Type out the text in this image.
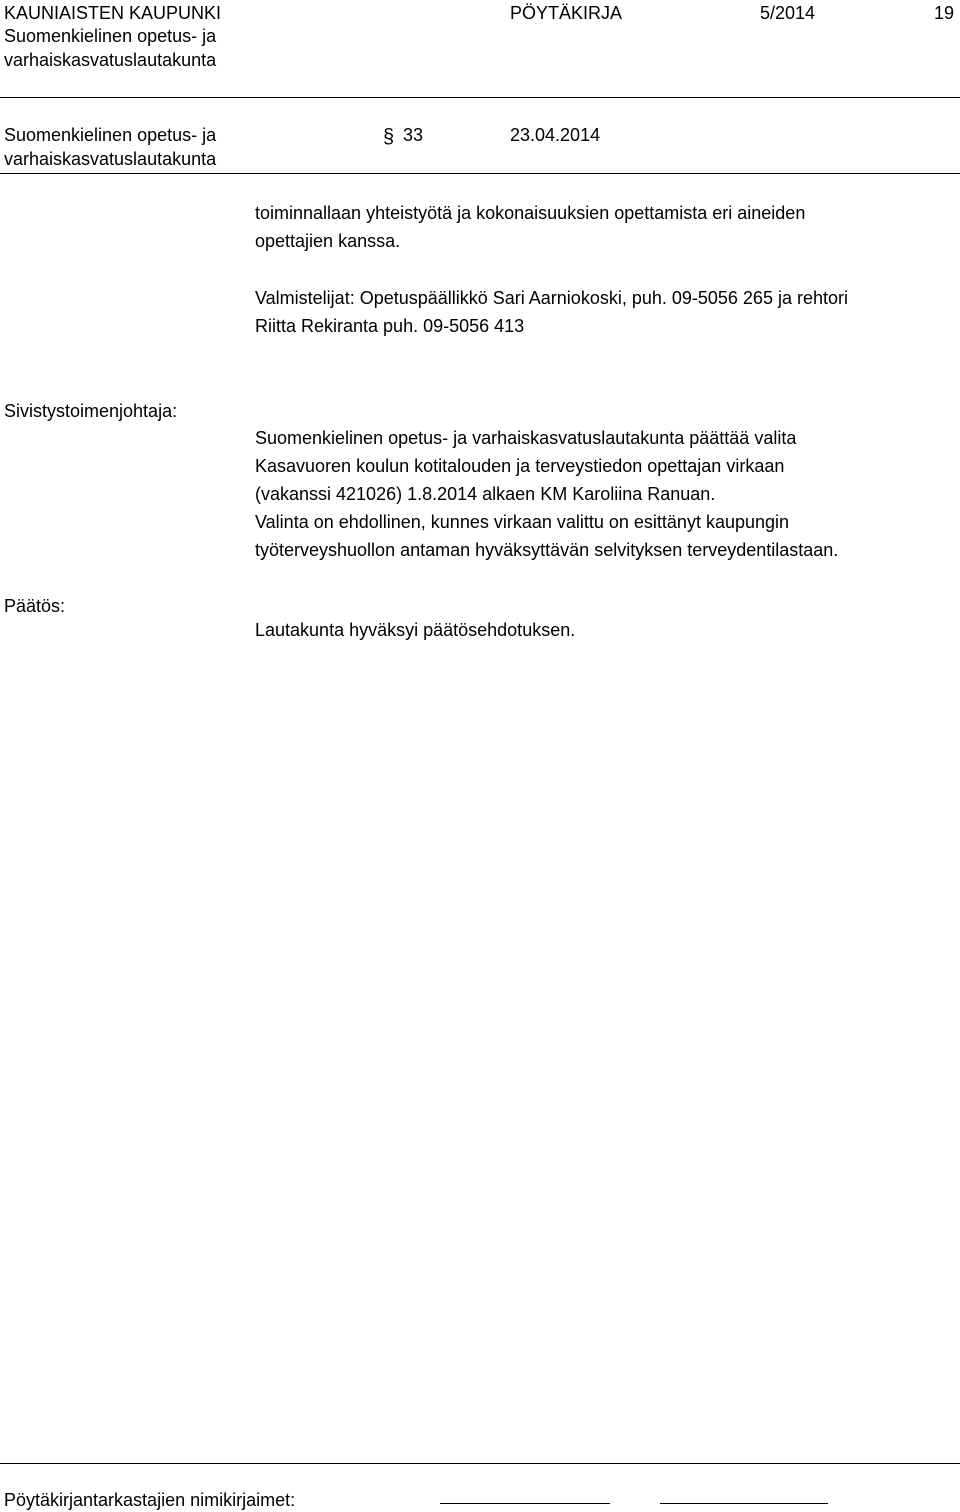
KAUNIAISTEN KAUPUNKI
Suomenkielinen opetus- ja
varhaiskasvatuslautakunta
PÖYTÄKIRJA	5/2014	19
Suomenkielinen opetus- ja
varhaiskasvatuslautakunta
§ 33	23.04.2014
toiminnallaan yhteistyötä ja kokonaisuuksien opettamista eri aineiden
opettajien kanssa.
Valmistelijat: Opetuspäällikkö Sari Aarniokoski, puh. 09-5056 265 ja rehtori
Riitta Rekiranta puh. 09-5056 413
Sivistystoimenjohtaja:
Suomenkielinen opetus- ja varhaiskasvatuslautakunta päättää valita
Kasavuoren koulun kotitalouden ja terveystiedon opettajan virkaan
(vakanssi 421026) 1.8.2014 alkaen KM Karoliina Ranuan.
Valinta on ehdollinen, kunnes virkaan valittu on esittänyt kaupungin
työterveyshuollon antaman hyväksyttävän selvityksen terveydentilastaan.
Päätös:
Lautakunta hyväksyi päätösehdotuksen.
Pöytäkirjantarkastajien nimikirjaimet:
